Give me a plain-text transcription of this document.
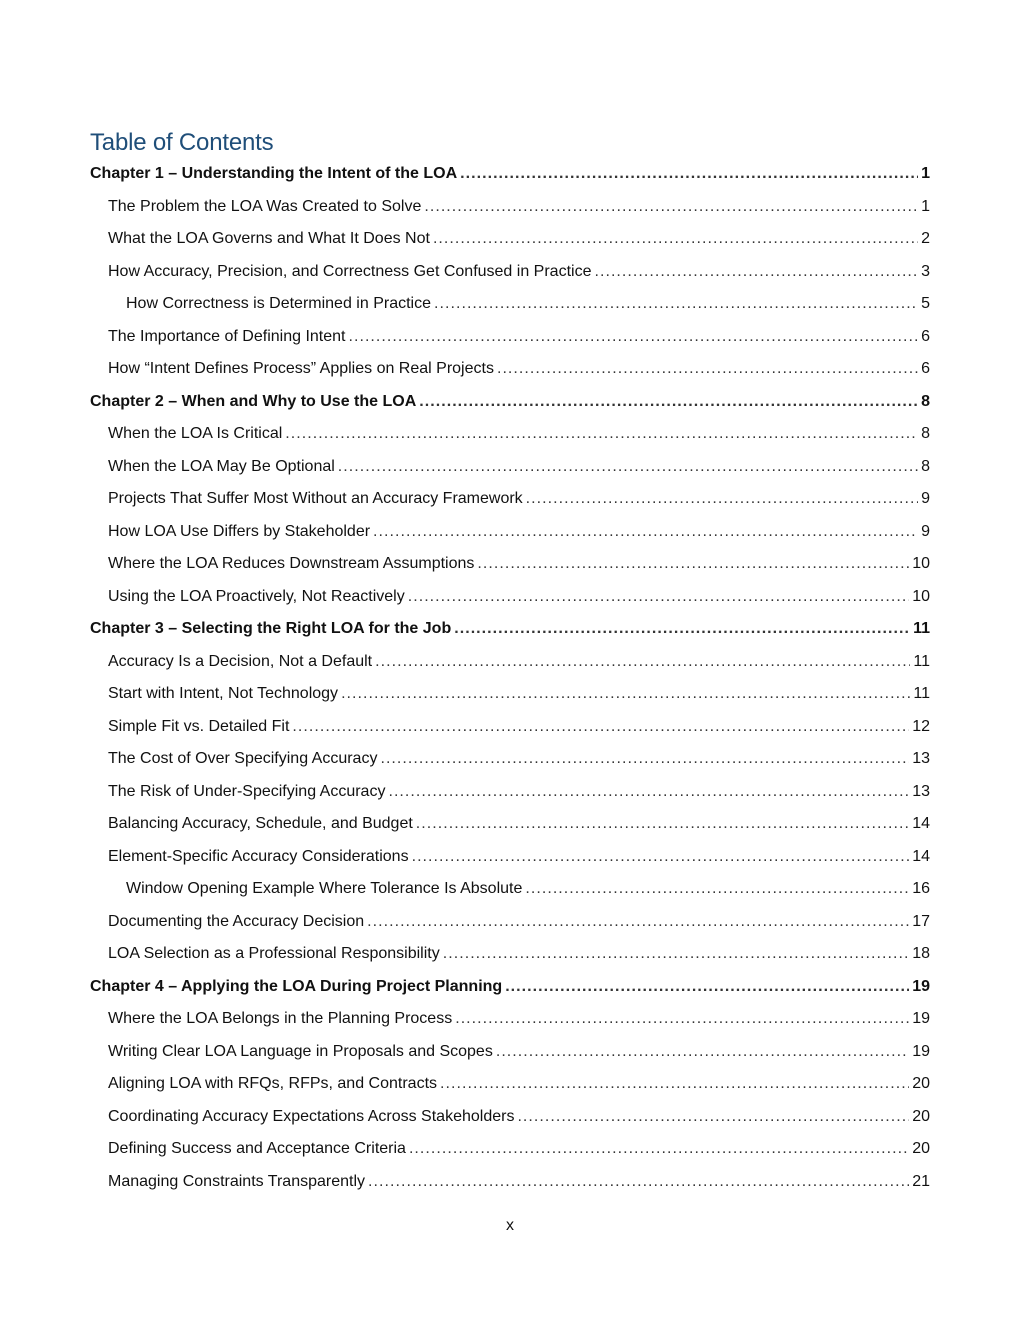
Table of Contents
Chapter 1 – Understanding the Intent of the LOA . . .	1
The Problem the LOA Was Created to Solve . . .	1
What the LOA Governs and What It Does Not . . .	2
How Accuracy, Precision, and Correctness Get Confused in Practice . . .	3
How Correctness is Determined in Practice . . .	5
The Importance of Defining Intent . . .	6
How “Intent Defines Process” Applies on Real Projects . . .	6
Chapter 2 – When and Why to Use the LOA . . .	8
When the LOA Is Critical . . .	8
When the LOA May Be Optional . . .	8
Projects That Suffer Most Without an Accuracy Framework . . .	9
How LOA Use Differs by Stakeholder . . .	9
Where the LOA Reduces Downstream Assumptions . . .	10
Using the LOA Proactively, Not Reactively . . .	10
Chapter 3 – Selecting the Right LOA for the Job . . .	11
Accuracy Is a Decision, Not a Default . . .	11
Start with Intent, Not Technology . . .	11
Simple Fit vs. Detailed Fit . . .	12
The Cost of Over Specifying Accuracy . . .	13
The Risk of Under-Specifying Accuracy . . .	13
Balancing Accuracy, Schedule, and Budget . . .	14
Element-Specific Accuracy Considerations . . .	14
Window Opening Example Where Tolerance Is Absolute . . .	16
Documenting the Accuracy Decision . . .	17
LOA Selection as a Professional Responsibility . . .	18
Chapter 4 – Applying the LOA During Project Planning . . .	19
Where the LOA Belongs in the Planning Process . . .	19
Writing Clear LOA Language in Proposals and Scopes . . .	19
Aligning LOA with RFQs, RFPs, and Contracts . . .	20
Coordinating Accuracy Expectations Across Stakeholders . . .	20
Defining Success and Acceptance Criteria . . .	20
Managing Constraints Transparently . . .	21
x
